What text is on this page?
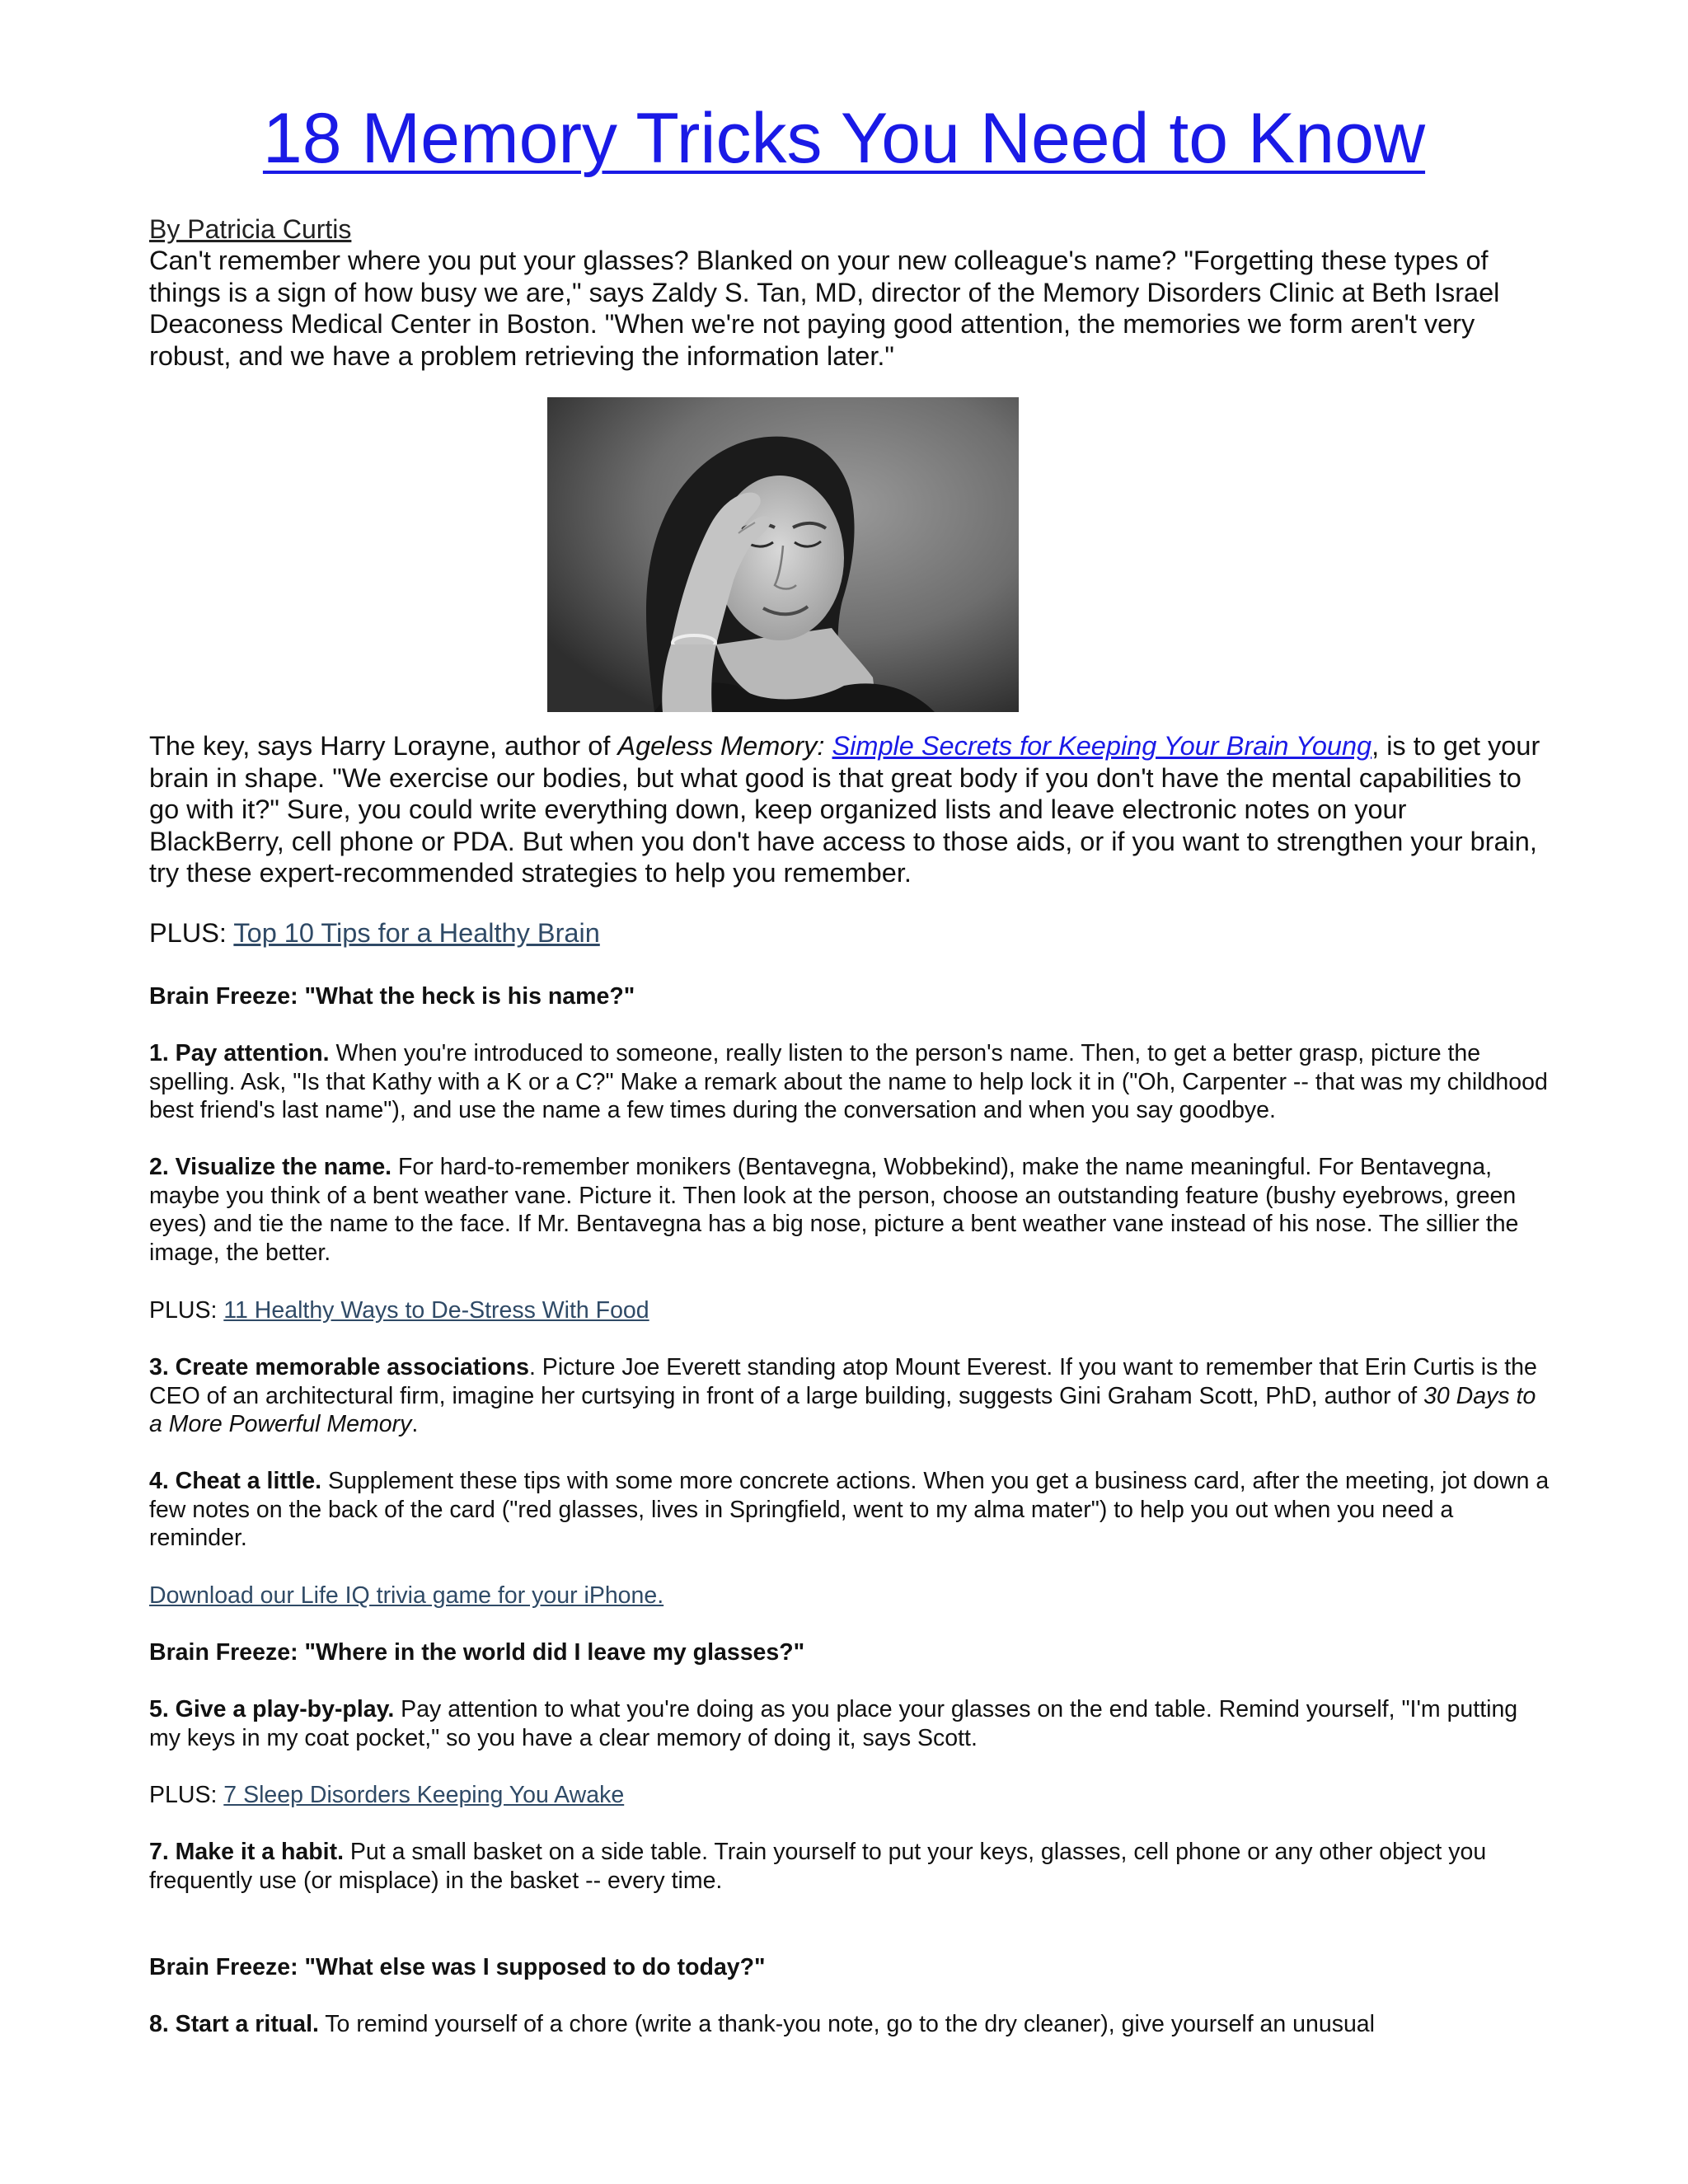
18 Memory Tricks You Need to Know
By Patricia Curtis

Can't remember where you put your glasses? Blanked on your new colleague's name? "Forgetting these types of things is a sign of how busy we are," says Zaldy S. Tan, MD, director of the Memory Disorders Clinic at Beth Israel Deaconess Medical Center in Boston. "When we're not paying good attention, the memories we form aren't very robust, and we have a problem retrieving the information later."

The key, says Harry Lorayne, author of Ageless Memory: Simple Secrets for Keeping Your Brain Young, is to get your brain in shape. "We exercise our bodies, but what good is that great body if you don't have the mental capabilities to go with it?" Sure, you could write everything down, keep organized lists and leave electronic notes on your BlackBerry, cell phone or PDA. But when you don't have access to those aids, or if you want to strengthen your brain, try these expert-recommended strategies to help you remember.

PLUS: Top 10 Tips for a Healthy Brain

Brain Freeze: "What the heck is his name?"

1. Pay attention. When you're introduced to someone, really listen to the person's name. Then, to get a better grasp, picture the spelling. Ask, "Is that Kathy with a K or a C?" Make a remark about the name to help lock it in ("Oh, Carpenter -- that was my childhood best friend's last name"), and use the name a few times during the conversation and when you say goodbye.

2. Visualize the name. For hard-to-remember monikers (Bentavegna, Wobbekind), make the name meaningful. For Bentavegna, maybe you think of a bent weather vane. Picture it. Then look at the person, choose an outstanding feature (bushy eyebrows, green eyes) and tie the name to the face. If Mr. Bentavegna has a big nose, picture a bent weather vane instead of his nose. The sillier the image, the better.

PLUS: 11 Healthy Ways to De-Stress With Food

3. Create memorable associations. Picture Joe Everett standing atop Mount Everest. If you want to remember that Erin Curtis is the CEO of an architectural firm, imagine her curtsying in front of a large building, suggests Gini Graham Scott, PhD, author of 30 Days to a More Powerful Memory.

4. Cheat a little. Supplement these tips with some more concrete actions. When you get a business card, after the meeting, jot down a few notes on the back of the card ("red glasses, lives in Springfield, went to my alma mater") to help you out when you need a reminder.

Download our Life IQ trivia game for your iPhone.

Brain Freeze: "Where in the world did I leave my glasses?"

5. Give a play-by-play. Pay attention to what you're doing as you place your glasses on the end table. Remind yourself, "I'm putting my keys in my coat pocket," so you have a clear memory of doing it, says Scott.

PLUS: 7 Sleep Disorders Keeping You Awake

7. Make it a habit. Put a small basket on a side table. Train yourself to put your keys, glasses, cell phone or any other object you frequently use (or misplace) in the basket -- every time.

Brain Freeze: "What else was I supposed to do today?"

8. Start a ritual. To remind yourself of a chore (write a thank-you note, go to the dry cleaner), give yourself an unusual
